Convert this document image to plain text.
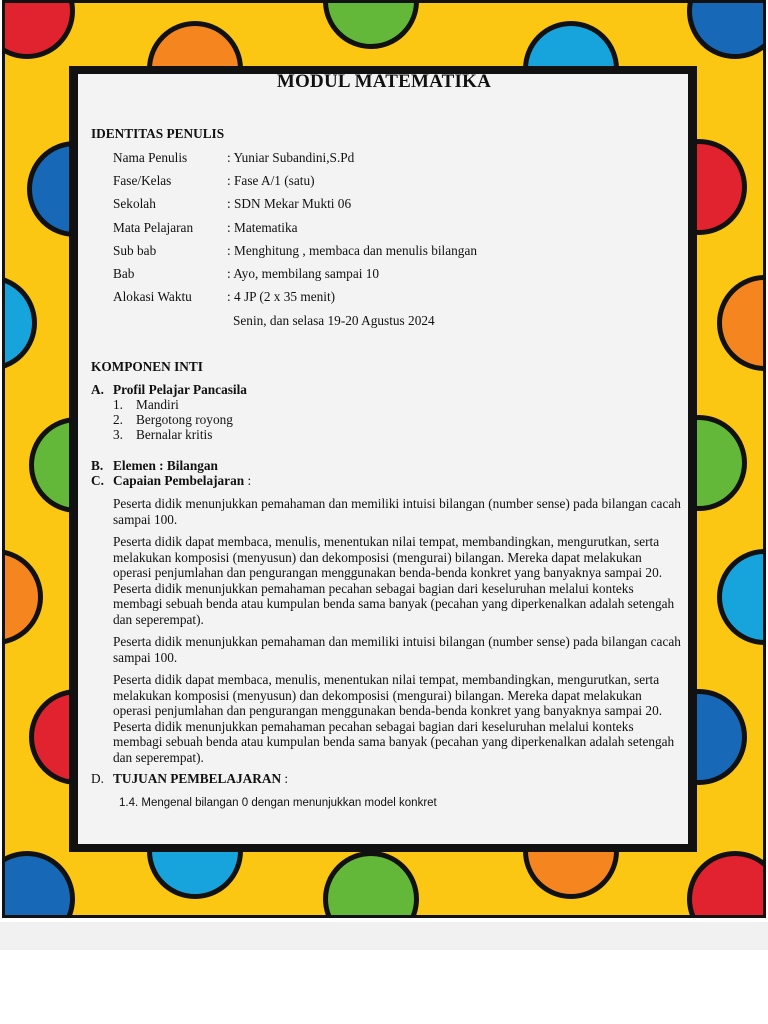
MODUL MATEMATIKA
IDENTITAS PENULIS
Nama Penulis	: Yuniar Subandini,S.Pd
Fase/Kelas	: Fase A/1 (satu)
Sekolah	: SDN Mekar Mukti 06
Mata Pelajaran	: Matematika
Sub bab	: Menghitung , membaca dan menulis bilangan
Bab	: Ayo, membilang sampai 10
Alokasi Waktu	: 4 JP (2 x 35 menit)
Senin, dan selasa 19-20 Agustus 2024
KOMPONEN INTI
A. Profil Pelajar Pancasila
1. Mandiri
2. Bergotong royong
3. Bernalar kritis
B. Elemen : Bilangan
C. Capaian Pembelajaran :
Peserta didik menunjukkan pemahaman dan memiliki intuisi bilangan (number sense) pada bilangan cacah sampai 100.
Peserta didik dapat membaca, menulis, menentukan nilai tempat, membandingkan, mengurutkan, serta melakukan komposisi (menyusun) dan dekomposisi (mengurai) bilangan. Mereka dapat melakukan operasi penjumlahan dan pengurangan menggunakan benda-benda konkret yang banyaknya sampai 20. Peserta didik menunjukkan pemahaman pecahan sebagai bagian dari keseluruhan melalui konteks membagi sebuah benda atau kumpulan benda sama banyak (pecahan yang diperkenalkan adalah setengah dan seperempat).
Peserta didik menunjukkan pemahaman dan memiliki intuisi bilangan (number sense) pada bilangan cacah sampai 100.
Peserta didik dapat membaca, menulis, menentukan nilai tempat, membandingkan, mengurutkan, serta melakukan komposisi (menyusun) dan dekomposisi (mengurai) bilangan. Mereka dapat melakukan operasi penjumlahan dan pengurangan menggunakan benda-benda konkret yang banyaknya sampai 20. Peserta didik menunjukkan pemahaman pecahan sebagai bagian dari keseluruhan melalui konteks membagi sebuah benda atau kumpulan benda sama banyak (pecahan yang diperkenalkan adalah setengah dan seperempat).
D. TUJUAN PEMBELAJARAN :
1.4. Mengenal bilangan 0 dengan menunjukkan model konkret
